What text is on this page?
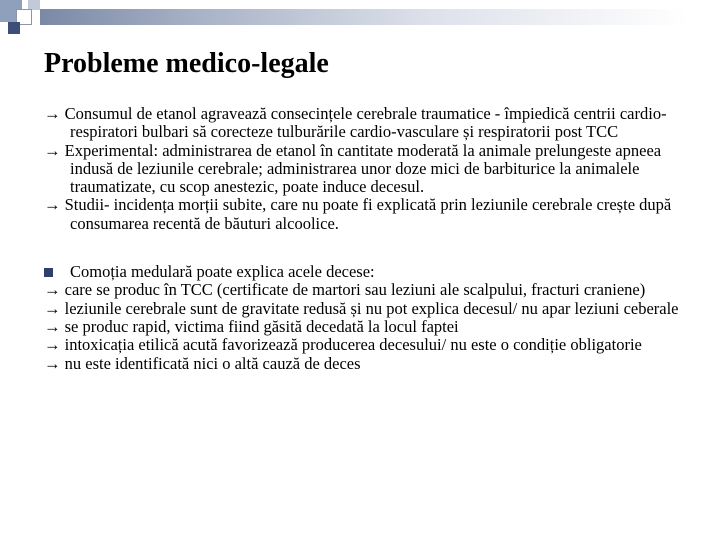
Probleme medico-legale

→ Consumul de etanol agravează consecințele cerebrale traumatice - împiedică centrii cardio-respiratori bulbari să corecteze tulburările cardio-vasculare și respiratorii post TCC

→ Experimental: administrarea de etanol în cantitate moderată la animale prelungeste apneea indusă de leziunile cerebrale; administrarea unor doze mici de barbiturice la animalele traumatizate, cu scop anestezic, poate induce decesul.

→ Studii- incidența morții subite, care nu poate fi explicată prin leziunile cerebrale crește după consumarea recentă de băuturi alcoolice.

Comoția medulară poate explica acele decese:

→ care se produc în TCC (certificate de martori sau leziuni ale scalpului, fracturi craniene)

→ leziunile cerebrale sunt de gravitate redusă și nu pot explica decesul/ nu apar leziuni ceberale

→ se produc rapid, victima fiind găsită decedată la locul faptei

→ intoxicația etilică acută favorizează producerea decesului/ nu este o condiție obligatorie

→ nu este identificată nici o altă cauză de deces
